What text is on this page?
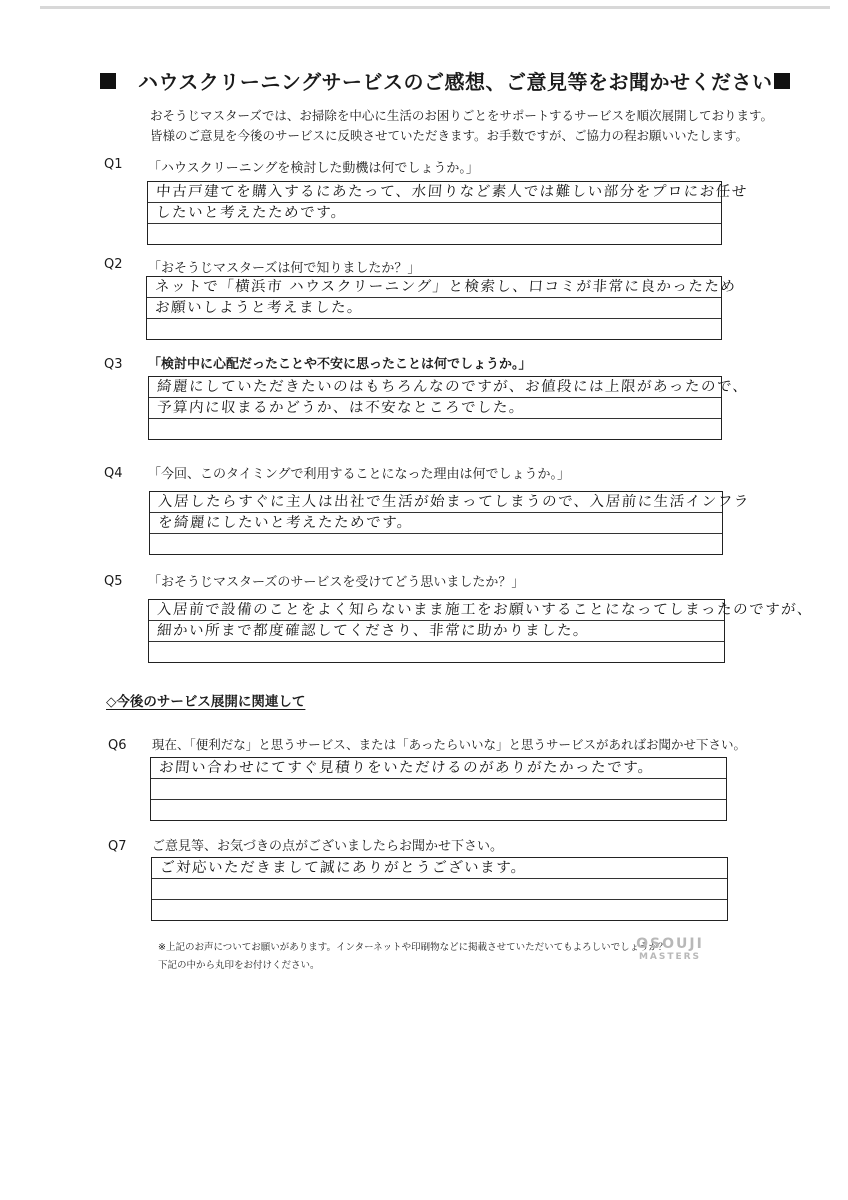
ハウスクリーニングサービスのご感想、ご意見等をお聞かせください
おそうじマスターズでは、お掃除を中心に生活のお困りごとをサポートするサービスを順次展開しております。
皆様のご意見を今後のサービスに反映させていただきます。お手数ですが、ご協力の程お願いいたします。
Q1 「ハウスクリーニングを検討した動機は何でしょうか。」
中古戸建てを購入するにあたって、水回りなど素人では難しい部分をプロにお任せ
したいと考えたためです。
Q2 「おそうじマスターズは何で知りましたか？」
ネットで「横浜市 ハウスクリーニング」と検索し、口コミが非常に良かったため
お願いしようと考えました。
Q3 「検討中に心配だったことや不安に思ったことは何でしょうか。」
綺麗にしていただきたいのはもちろんなのですが、お値段には上限があったので、
予算内に収まるかどうか、は不安なところでした。
Q4 「今回、このタイミングで利用することになった理由は何でしょうか。」
入居したらすぐに主人は出社で生活が始まってしまうので、入居前に生活インフラ
を綺麗にしたいと考えたためです。
Q5 「おそうじマスターズのサービスを受けてどう思いましたか？」
入居前で設備のことをよく知らないまま施工をお願いすることになってしまったのですが、
細かい所まで都度確認してくださり、非常に助かりました。
◇今後のサービス展開に関連して
Q6 現在、「便利だな」と思うサービス、または「あったらいいな」と思うサービスがあればお聞かせ下さい。
お問い合わせにてすぐ見積りをいただけるのがありがたかったです。
Q7 ご意見等、お気づきの点がございましたらお聞かせ下さい。
ご対応いただきまして誠にありがとうございます。
※上記のお声についてお願いがあります。インターネットや印刷物などに掲載させていただいてもよろしいでしょうか？
下記の中から丸印をお付けください。
OSOUJI
MASTERS
